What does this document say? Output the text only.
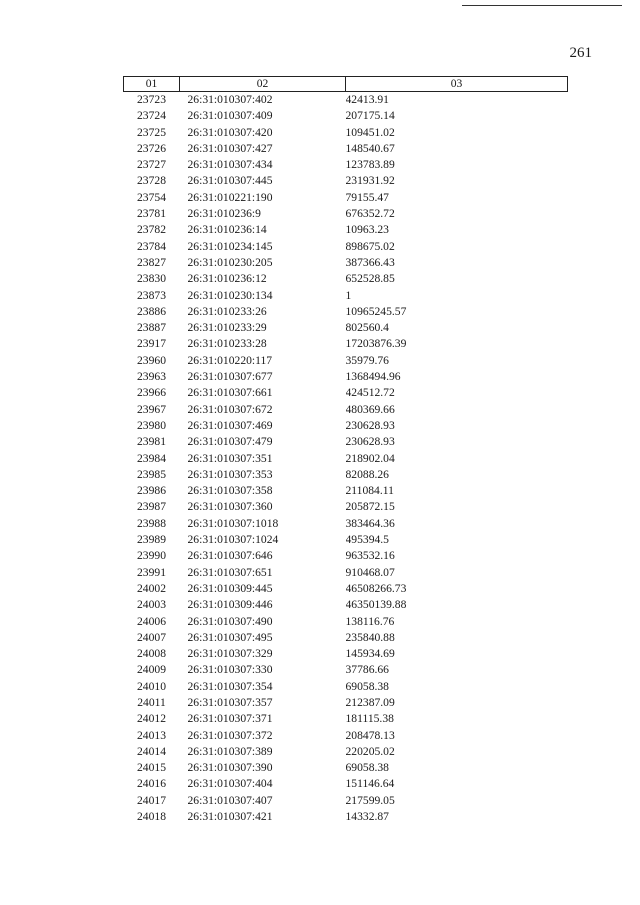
261
01	02	03
23723	26:31:010307:402	42413.91
23724	26:31:010307:409	207175.14
23725	26:31:010307:420	109451.02
23726	26:31:010307:427	148540.67
23727	26:31:010307:434	123783.89
23728	26:31:010307:445	231931.92
23754	26:31:010221:190	79155.47
23781	26:31:010236:9	676352.72
23782	26:31:010236:14	10963.23
23784	26:31:010234:145	898675.02
23827	26:31:010230:205	387366.43
23830	26:31:010236:12	652528.85
23873	26:31:010230:134	1
23886	26:31:010233:26	10965245.57
23887	26:31:010233:29	802560.4
23917	26:31:010233:28	17203876.39
23960	26:31:010220:117	35979.76
23963	26:31:010307:677	1368494.96
23966	26:31:010307:661	424512.72
23967	26:31:010307:672	480369.66
23980	26:31:010307:469	230628.93
23981	26:31:010307:479	230628.93
23984	26:31:010307:351	218902.04
23985	26:31:010307:353	82088.26
23986	26:31:010307:358	211084.11
23987	26:31:010307:360	205872.15
23988	26:31:010307:1018	383464.36
23989	26:31:010307:1024	495394.5
23990	26:31:010307:646	963532.16
23991	26:31:010307:651	910468.07
24002	26:31:010309:445	46508266.73
24003	26:31:010309:446	46350139.88
24006	26:31:010307:490	138116.76
24007	26:31:010307:495	235840.88
24008	26:31:010307:329	145934.69
24009	26:31:010307:330	37786.66
24010	26:31:010307:354	69058.38
24011	26:31:010307:357	212387.09
24012	26:31:010307:371	181115.38
24013	26:31:010307:372	208478.13
24014	26:31:010307:389	220205.02
24015	26:31:010307:390	69058.38
24016	26:31:010307:404	151146.64
24017	26:31:010307:407	217599.05
24018	26:31:010307:421	14332.87
